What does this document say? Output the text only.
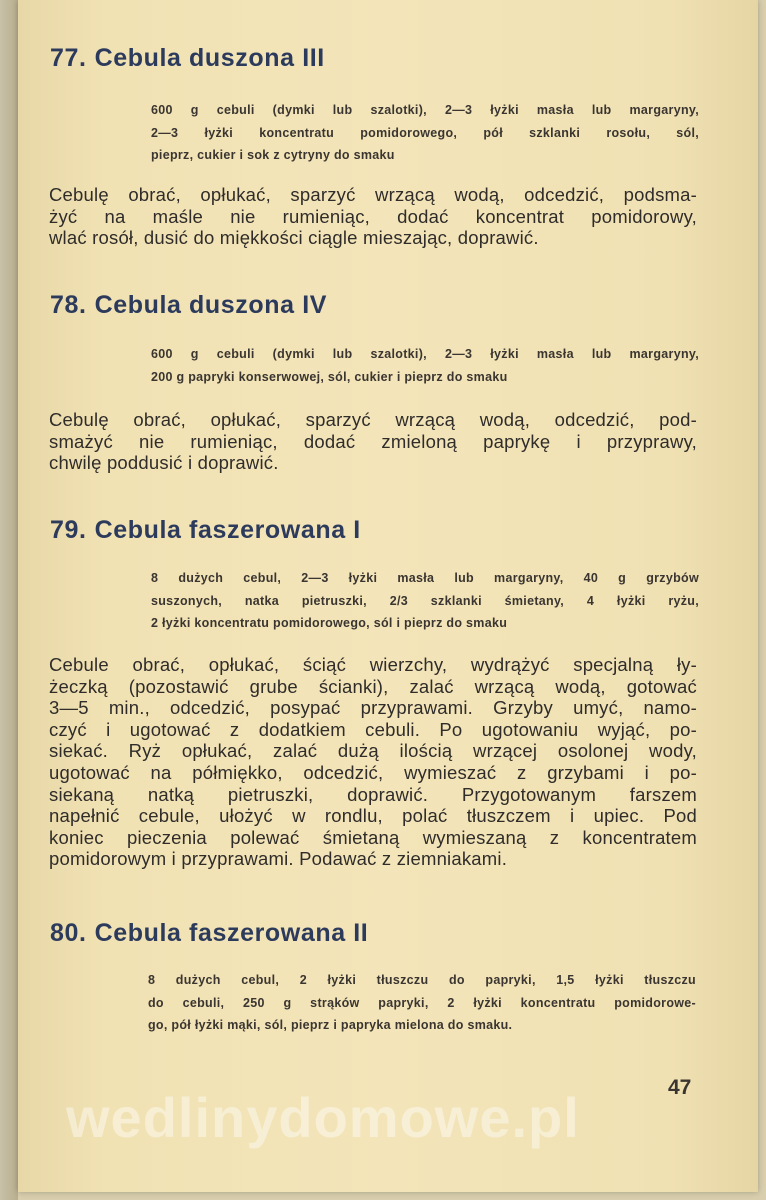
77. Cebula duszona III

600 g cebuli (dymki lub szalotki), 2—3 łyżki masła lub margaryny,
2—3 łyżki koncentratu pomidorowego, pół szklanki rosołu, sól,
pieprz, cukier i sok z cytryny do smaku

Cebulę obrać, opłukać, sparzyć wrzącą wodą, odcedzić, podsma-
żyć na maśle nie rumieniąc, dodać koncentrat pomidorowy,
wlać rosół, dusić do miękkości ciągle mieszając, doprawić.

78. Cebula duszona IV

600 g cebuli (dymki lub szalotki), 2—3 łyżki masła lub margaryny,
200 g papryki konserwowej, sól, cukier i pieprz do smaku

Cebulę obrać, opłukać, sparzyć wrzącą wodą, odcedzić, pod-
smażyć nie rumieniąc, dodać zmieloną paprykę i przyprawy,
chwilę poddusić i doprawić.

79. Cebula faszerowana I

8 dużych cebul, 2—3 łyżki masła lub margaryny, 40 g grzybów
suszonych, natka pietruszki, 2/3 szklanki śmietany, 4 łyżki ryżu,
2 łyżki koncentratu pomidorowego, sól i pieprz do smaku

Cebule obrać, opłukać, ściąć wierzchy, wydrążyć specjalną ły-
żeczką (pozostawić grube ścianki), zalać wrzącą wodą, gotować
3—5 min., odcedzić, posypać przyprawami. Grzyby umyć, namo-
czyć i ugotować z dodatkiem cebuli. Po ugotowaniu wyjąć, po-
siekać. Ryż opłukać, zalać dużą ilością wrzącej osolonej wody,
ugotować na półmiękko, odcedzić, wymieszać z grzybami i po-
siekaną natką pietruszki, doprawić. Przygotowanym farszem
napełnić cebule, ułożyć w rondlu, polać tłuszczem i upiec. Pod
koniec pieczenia polewać śmietaną wymieszaną z koncentratem
pomidorowym i przyprawami. Podawać z ziemniakami.

80. Cebula faszerowana II

8 dużych cebul, 2 łyżki tłuszczu do papryki, 1,5 łyżki tłuszczu
do cebuli, 250 g strąków papryki, 2 łyżki koncentratu pomidorowe-
go, pół łyżki mąki, sól, pieprz i papryka mielona do smaku.

47
wedlinydomowe.pl
